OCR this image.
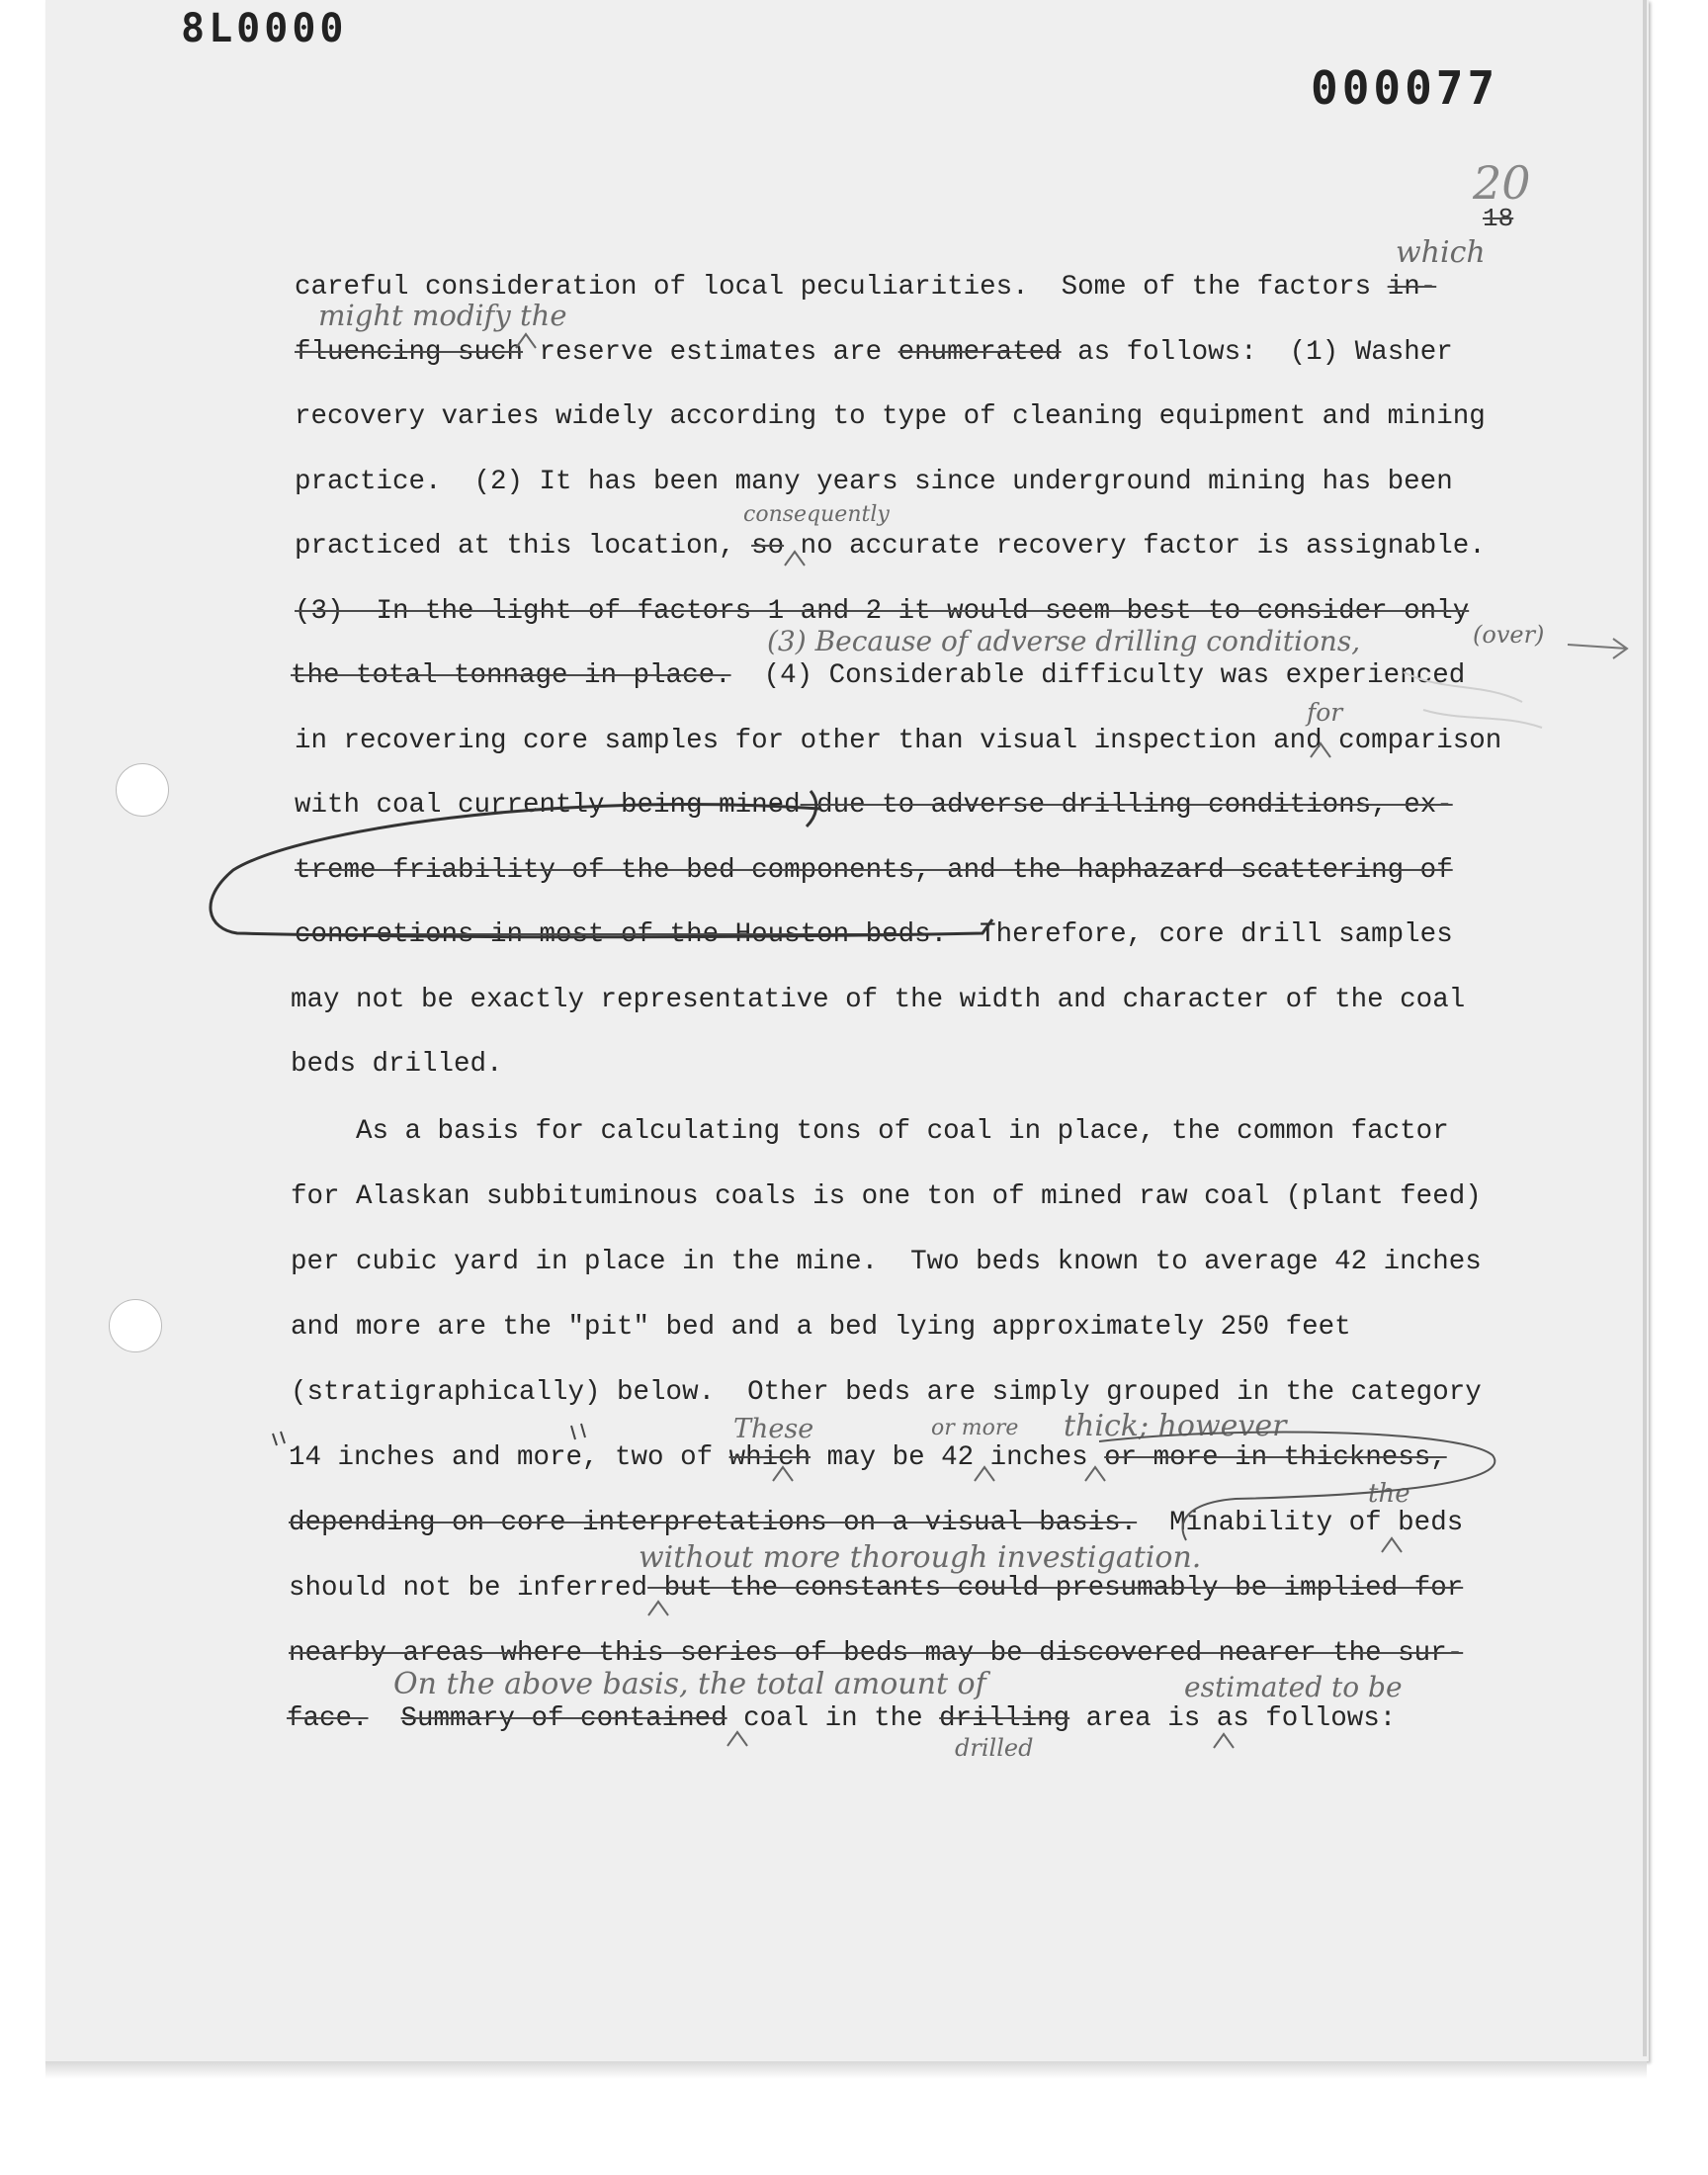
8L0000
000077
20
18
careful consideration of local peculiarities.  Some of the factors in-
fluencing such reserve estimates are enumerated as follows:  (1) Washer
recovery varies widely according to type of cleaning equipment and mining
practice.  (2) It has been many years since underground mining has been
practiced at this location, so no accurate recovery factor is assignable.
(3)  In the light of factors 1 and 2 it would seem best to consider only
the total tonnage in place.  (4) Considerable difficulty was experienced
in recovering core samples for other than visual inspection and comparison
with coal currently being mined due to adverse drilling conditions, ex-
treme friability of the bed components, and the haphazard scattering of
concretions in most of the Houston beds.  Therefore, core drill samples
may not be exactly representative of the width and character of the coal
beds drilled.
As a basis for calculating tons of coal in place, the common factor
for Alaskan subbituminous coals is one ton of mined raw coal (plant feed)
per cubic yard in place in the mine.  Two beds known to average 42 inches
and more are the "pit" bed and a bed lying approximately 250 feet
(stratigraphically) below.  Other beds are simply grouped in the category
14 inches and more, two of which may be 42 inches or more in thickness,
depending on core interpretations on a visual basis.  Minability of beds
should not be inferred but the constants could presumably be implied for
nearby areas where this series of beds may be discovered nearer the sur-
face. Summary of contained coal in the drilling area is as follows:
which
might modify the
consequently
(3) Because of adverse drilling conditions,	(over)
for
These	or more thick; however
the
without more thorough investigation.
On the above basis, the total amount of	estimated to be
drilled
